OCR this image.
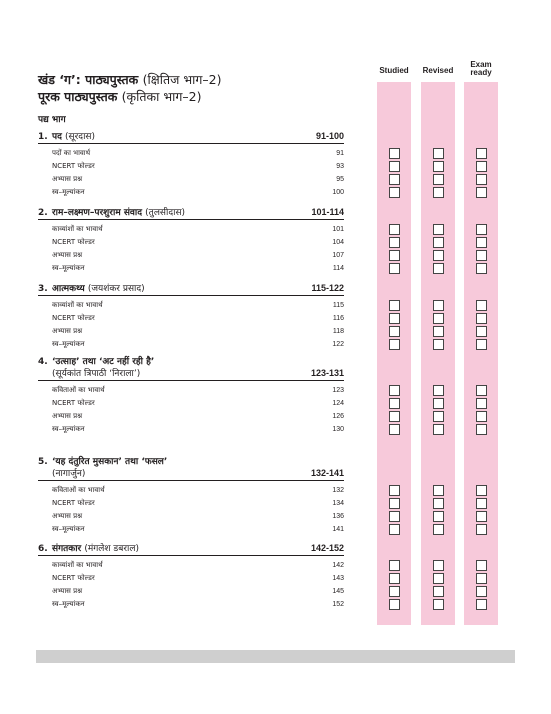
Studied	Revised
Exam
ready
खंड ‘ग’: पाठ्यपुस्तक (क्षितिज भाग–2)
पूरक पाठ्यपुस्तक (कृतिका भाग–2)
पद्य भाग
1. पद (सूरदास)	91-100
पदों का भावार्थ	91
NCERT फोल्डर	93
अभ्यास प्रश्न	95
स्व–मूल्यांकन	100
2. राम–लक्ष्मण–परशुराम संवाद (तुलसीदास)	101-114
काव्यांशों का भावार्थ	101
NCERT फोल्डर	104
अभ्यास प्रश्न	107
स्व–मूल्यांकन	114
3. आत्मकथ्य (जयशंकर प्रसाद)	115-122
काव्यांशों का भावार्थ	115
NCERT फोल्डर	116
अभ्यास प्रश्न	118
स्व–मूल्यांकन	122
4. ‘उत्साह’ तथा ‘अट नहीं रही है’
(सूर्यकांत त्रिपाठी ‘निराला’)	123-131
कविताओं का भावार्थ	123
NCERT फोल्डर	124
अभ्यास प्रश्न	126
स्व–मूल्यांकन	130
5. ‘यह दंतुरित मुसकान’ तथा ‘फसल’
(नागार्जुन)	132-141
कविताओं का भावार्थ	132
NCERT फोल्डर	134
अभ्यास प्रश्न	136
स्व–मूल्यांकन	141
6. संगतकार (मंगलेश डबराल)	142-152
काव्यांशों का भावार्थ	142
NCERT फोल्डर	143
अभ्यास प्रश्न	145
स्व–मूल्यांकन	152
